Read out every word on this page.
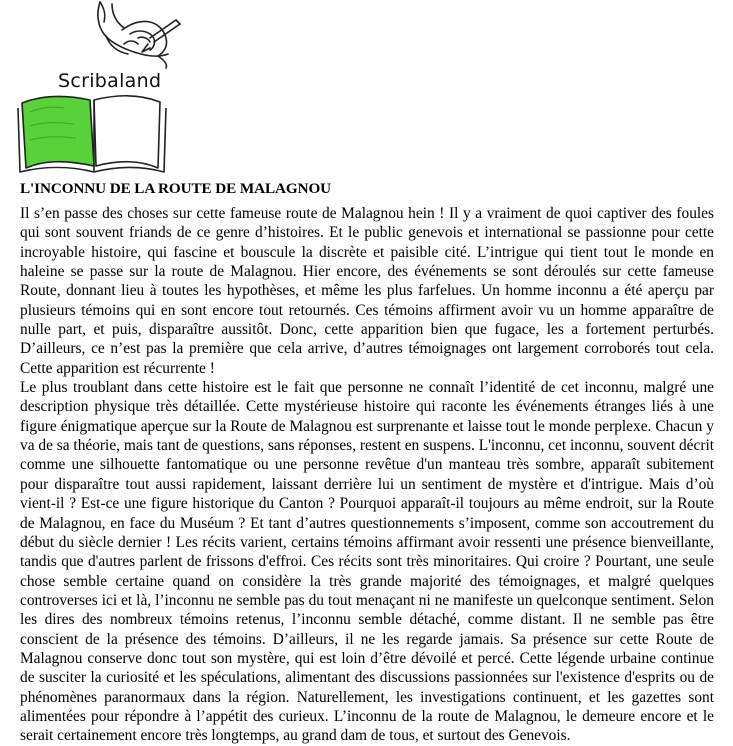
Scribaland
L'INCONNU DE LA ROUTE DE MALAGNOU

Il s’en passe des choses sur cette fameuse route de Malagnou hein ! Il y a vraiment de quoi captiver des foules qui sont souvent friands de ce genre d’histoires. Et le public genevois et international se passionne pour cette incroyable histoire, qui fascine et bouscule la discrète et paisible cité. L’intrigue qui tient tout le monde en haleine se passe sur la route de Malagnou. Hier encore, des événements se sont déroulés sur cette fameuse Route, donnant lieu à toutes les hypothèses, et même les plus farfelues. Un homme inconnu a été aperçu par plusieurs témoins qui en sont encore tout retournés. Ces témoins affirment avoir vu un homme apparaître de nulle part, et puis, disparaître aussitôt. Donc, cette apparition bien que fugace, les a fortement perturbés. D’ailleurs, ce n’est pas la première que cela arrive, d’autres témoignages ont largement corroborés tout cela. Cette apparition est récurrente !

Le plus troublant dans cette histoire est le fait que personne ne connaît l’identité de cet inconnu, malgré une description physique très détaillée. Cette mystérieuse histoire qui raconte les événements étranges liés à une figure énigmatique aperçue sur la Route de Malagnou est surprenante et laisse tout le monde perplexe. Chacun y va de sa théorie, mais tant de questions, sans réponses, restent en suspens. L'inconnu, cet inconnu, souvent décrit comme une silhouette fantomatique ou une personne revêtue d'un manteau très sombre, apparaît subitement pour disparaître tout aussi rapidement, laissant derrière lui un sentiment de mystère et d'intrigue. Mais d’où vient-il ? Est-ce une figure historique du Canton ? Pourquoi apparaît-il toujours au même endroit, sur la Route de Malagnou, en face du Muséum ? Et tant d’autres questionnements s’imposent, comme son accoutrement du début du siècle dernier ! Les récits varient, certains témoins affirmant avoir ressenti une présence bienveillante, tandis que d'autres parlent de frissons d'effroi. Ces récits sont très minoritaires. Qui croire ? Pourtant, une seule chose semble certaine quand on considère la très grande majorité des témoignages, et malgré quelques controverses ici et là, l’inconnu ne semble pas du tout menaçant ni ne manifeste un quelconque sentiment. Selon les dires des nombreux témoins retenus, l’inconnu semble détaché, comme distant. Il ne semble pas être conscient de la présence des témoins. D’ailleurs, il ne les regarde jamais. Sa présence sur cette Route de Malagnou conserve donc tout son mystère, qui est loin d’être dévoilé et percé. Cette légende urbaine continue de susciter la curiosité et les spéculations, alimentant des discussions passionnées sur l'existence d'esprits ou de phénomènes paranormaux dans la région. Naturellement, les investigations continuent, et les gazettes sont alimentées pour répondre à l’appétit des curieux. L’inconnu de la route de Malagnou, le demeure encore et le serait certainement encore très longtemps, au grand dam de tous, et surtout des Genevois.
